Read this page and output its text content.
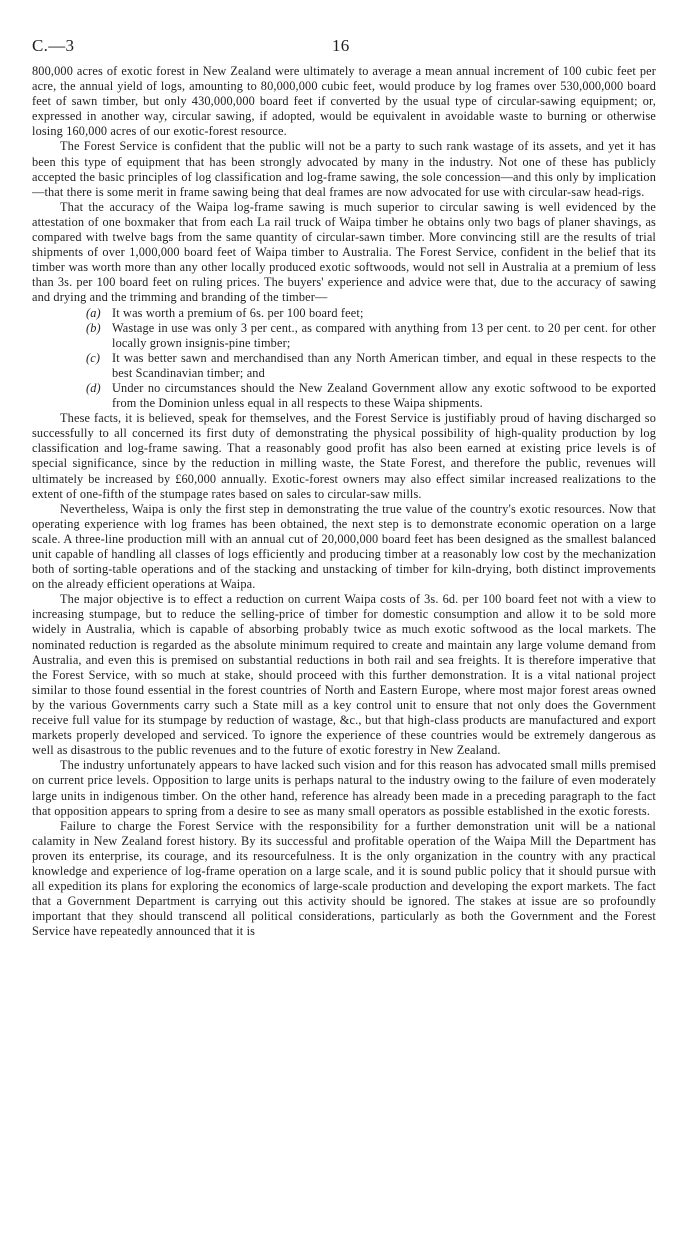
C.—3	16

800,000 acres of exotic forest in New Zealand were ultimately to average a mean annual increment of 100 cubic feet per acre, the annual yield of logs, amounting to 80,000,000 cubic feet, would produce by log frames over 530,000,000 board feet of sawn timber, but only 430,000,000 board feet if converted by the usual type of circular-sawing equipment; or, expressed in another way, circular sawing, if adopted, would be equivalent in avoidable waste to burning or otherwise losing 160,000 acres of our exotic-forest resource.

The Forest Service is confident that the public will not be a party to such rank wastage of its assets, and yet it has been this type of equipment that has been strongly advocated by many in the industry. Not one of these has publicly accepted the basic principles of log classification and log-frame sawing, the sole concession—and this only by implication—that there is some merit in frame sawing being that deal frames are now advocated for use with circular-saw head-rigs.

That the accuracy of the Waipa log-frame sawing is much superior to circular sawing is well evidenced by the attestation of one boxmaker that from each La rail truck of Waipa timber he obtains only two bags of planer shavings, as compared with twelve bags from the same quantity of circular-sawn timber. More convincing still are the results of trial shipments of over 1,000,000 board feet of Waipa timber to Australia. The Forest Service, confident in the belief that its timber was worth more than any other locally produced exotic softwoods, would not sell in Australia at a premium of less than 3s. per 100 board feet on ruling prices. The buyers' experience and advice were that, due to the accuracy of sawing and drying and the trimming and branding of the timber—

(a) It was worth a premium of 6s. per 100 board feet;
(b) Wastage in use was only 3 per cent., as compared with anything from 13 per cent. to 20 per cent. for other locally grown insignis-pine timber;
(c) It was better sawn and merchandised than any North American timber, and equal in these respects to the best Scandinavian timber; and
(d) Under no circumstances should the New Zealand Government allow any exotic softwood to be exported from the Dominion unless equal in all respects to these Waipa shipments.

These facts, it is believed, speak for themselves, and the Forest Service is justifiably proud of having discharged so successfully to all concerned its first duty of demonstrating the physical possibility of high-quality production by log classification and log-frame sawing. That a reasonably good profit has also been earned at existing price levels is of special significance, since by the reduction in milling waste, the State Forest, and therefore the public, revenues will ultimately be increased by £60,000 annually. Exotic-forest owners may also effect similar increased realizations to the extent of one-fifth of the stumpage rates based on sales to circular-saw mills.

Nevertheless, Waipa is only the first step in demonstrating the true value of the country's exotic resources. Now that operating experience with log frames has been obtained, the next step is to demonstrate economic operation on a large scale. A three-line production mill with an annual cut of 20,000,000 board feet has been designed as the smallest balanced unit capable of handling all classes of logs efficiently and producing timber at a reasonably low cost by the mechanization both of sorting-table operations and of the stacking and unstacking of timber for kiln-drying, both distinct improvements on the already efficient operations at Waipa.

The major objective is to effect a reduction on current Waipa costs of 3s. 6d. per 100 board feet not with a view to increasing stumpage, but to reduce the selling-price of timber for domestic consumption and allow it to be sold more widely in Australia, which is capable of absorbing probably twice as much exotic softwood as the local markets. The nominated reduction is regarded as the absolute minimum required to create and maintain any large volume demand from Australia, and even this is premised on substantial reductions in both rail and sea freights. It is therefore imperative that the Forest Service, with so much at stake, should proceed with this further demonstration. It is a vital national project similar to those found essential in the forest countries of North and Eastern Europe, where most major forest areas owned by the various Governments carry such a State mill as a key control unit to ensure that not only does the Government receive full value for its stumpage by reduction of wastage, &c., but that high-class products are manufactured and export markets properly developed and serviced. To ignore the experience of these countries would be extremely dangerous as well as disastrous to the public revenues and to the future of exotic forestry in New Zealand.

The industry unfortunately appears to have lacked such vision and for this reason has advocated small mills premised on current price levels. Opposition to large units is perhaps natural to the industry owing to the failure of even moderately large units in indigenous timber. On the other hand, reference has already been made in a preceding paragraph to the fact that opposition appears to spring from a desire to see as many small operators as possible established in the exotic forests.

Failure to charge the Forest Service with the responsibility for a further demonstration unit will be a national calamity in New Zealand forest history. By its successful and profitable operation of the Waipa Mill the Department has proven its enterprise, its courage, and its resourcefulness. It is the only organization in the country with any practical knowledge and experience of log-frame operation on a large scale, and it is sound public policy that it should pursue with all expedition its plans for exploring the economics of large-scale production and developing the export markets. The fact that a Government Department is carrying out this activity should be ignored. The stakes at issue are so profoundly important that they should transcend all political considerations, particularly as both the Government and the Forest Service have repeatedly announced that it is
